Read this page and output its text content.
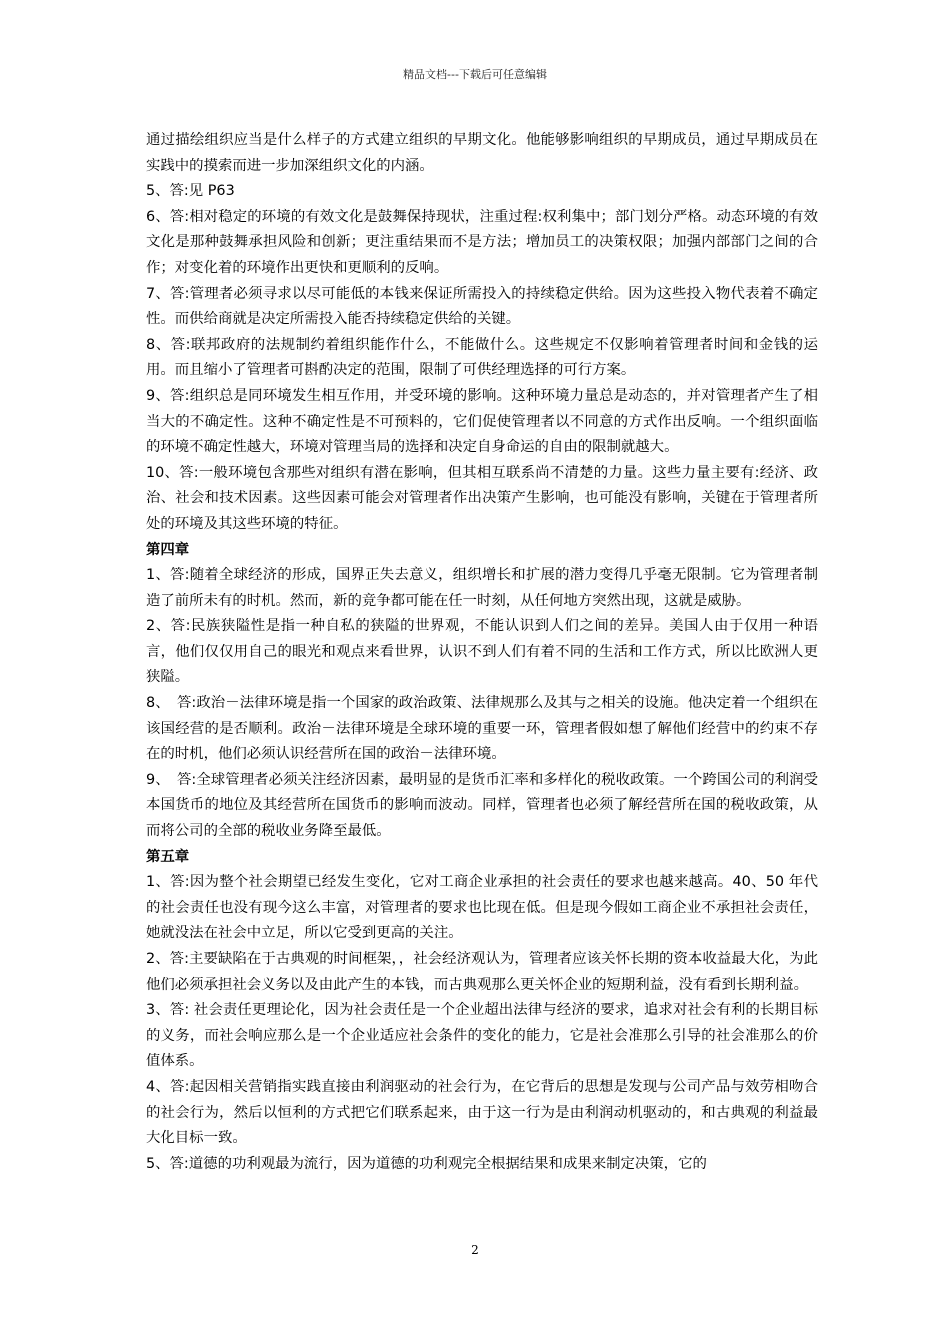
精品文档---下载后可任意编辑

通过描绘组织应当是什么样子的方式建立组织的早期文化。他能够影响组织的早期成员，通过早期成员在实践中的摸索而进一步加深组织文化的内涵。

5、答:见 P63

6、答:相对稳定的环境的有效文化是鼓舞保持现状，注重过程:权利集中；部门划分严格。动态环境的有效文化是那种鼓舞承担风险和创新；更注重结果而不是方法；增加员工的决策权限；加强内部部门之间的合作；对变化着的环境作出更快和更顺利的反响。

7、答:管理者必须寻求以尽可能低的本钱来保证所需投入的持续稳定供给。因为这些投入物代表着不确定性。而供给商就是决定所需投入能否持续稳定供给的关键。

8、答:联邦政府的法规制约着组织能作什么，不能做什么。这些规定不仅影响着管理者时间和金钱的运用。而且缩小了管理者可斟酌决定的范围，限制了可供经理选择的可行方案。

9、答:组织总是同环境发生相互作用，并受环境的影响。这种环境力量总是动态的，并对管理者产生了相当大的不确定性。这种不确定性是不可预料的，它们促使管理者以不同意的方式作出反响。一个组织面临的环境不确定性越大，环境对管理当局的选择和决定自身命运的自由的限制就越大。

10、答:一般环境包含那些对组织有潜在影响，但其相互联系尚不清楚的力量。这些力量主要有:经济、政治、社会和技术因素。这些因素可能会对管理者作出决策产生影响，也可能没有影响，关键在于管理者所处的环境及其这些环境的特征。

第四章

1、答:随着全球经济的形成，国界正失去意义，组织增长和扩展的潜力变得几乎毫无限制。它为管理者制造了前所未有的时机。然而，新的竞争都可能在任一时刻，从任何地方突然出现，这就是威胁。

2、答:民族狭隘性是指一种自私的狭隘的世界观，不能认识到人们之间的差异。美国人由于仅用一种语言，他们仅仅用自己的眼光和观点来看世界，认识不到人们有着不同的生活和工作方式，所以比欧洲人更狭隘。

8、　答:政治－法律环境是指一个国家的政治政策、法律规那么及其与之相关的设施。他决定着一个组织在该国经营的是否顺利。政治－法律环境是全球环境的重要一环，管理者假如想了解他们经营中的约束不存在的时机，他们必须认识经营所在国的政治－法律环境。

9、　答:全球管理者必须关注经济因素，最明显的是货币汇率和多样化的税收政策。一个跨国公司的利润受本国货币的地位及其经营所在国货币的影响而波动。同样，管理者也必须了解经营所在国的税收政策，从而将公司的全部的税收业务降至最低。

第五章

1、答:因为整个社会期望已经发生变化，它对工商企业承担的社会责任的要求也越来越高。40、50 年代的社会责任也没有现今这么丰富，对管理者的要求也比现在低。但是现今假如工商企业不承担社会责任，她就没法在社会中立足，所以它受到更高的关注。

2、答:主要缺陷在于古典观的时间框架，，社会经济观认为，管理者应该关怀长期的资本收益最大化，为此他们必须承担社会义务以及由此产生的本钱，而古典观那么更关怀企业的短期利益，没有看到长期利益。

3、答: 社会责任更理论化，因为社会责任是一个企业超出法律与经济的要求，追求对社会有利的长期目标的义务，而社会响应那么是一个企业适应社会条件的变化的能力，它是社会准那么引导的社会准那么的价值体系。

4、答:起因相关营销指实践直接由利润驱动的社会行为，在它背后的思想是发现与公司产品与效劳相吻合的社会行为，然后以恒利的方式把它们联系起来，由于这一行为是由利润动机驱动的，和古典观的利益最大化目标一致。

5、答:道德的功利观最为流行，因为道德的功利观完全根据结果和成果来制定决策，它的

2
